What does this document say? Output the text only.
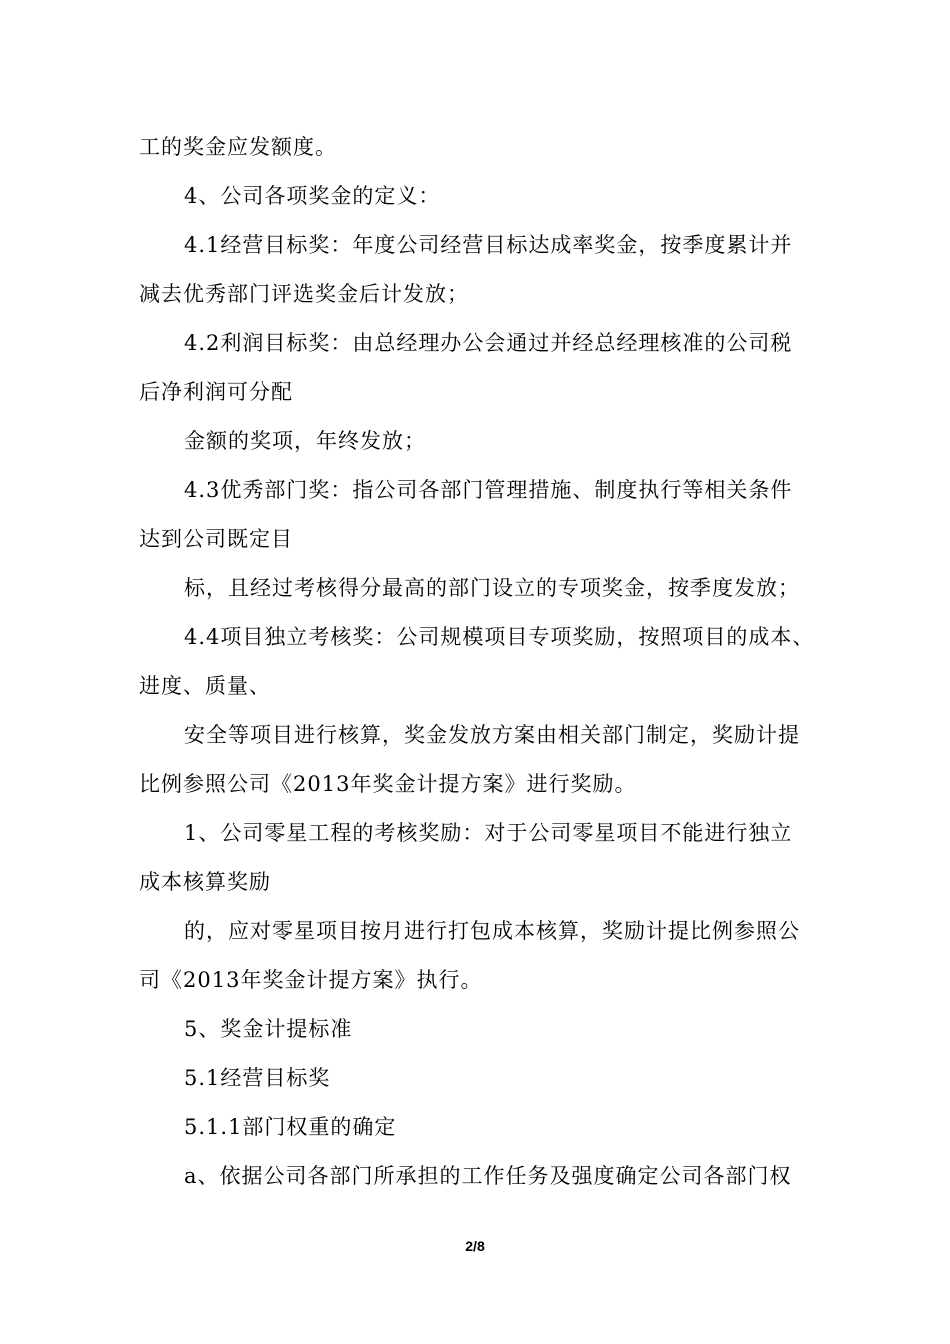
工的奖金应发额度。
4、公司各项奖金的定义：
4.1经营目标奖：年度公司经营目标达成率奖金，按季度累计并
减去优秀部门评选奖金后计发放；
4.2利润目标奖：由总经理办公会通过并经总经理核准的公司税
后净利润可分配
金额的奖项，年终发放；
4.3优秀部门奖：指公司各部门管理措施、制度执行等相关条件
达到公司既定目
标，且经过考核得分最高的部门设立的专项奖金，按季度发放；
4.4项目独立考核奖：公司规模项目专项奖励，按照项目的成本、
进度、质量、
安全等项目进行核算，奖金发放方案由相关部门制定，奖励计提
比例参照公司《2013年奖金计提方案》进行奖励。
1、公司零星工程的考核奖励：对于公司零星项目不能进行独立
成本核算奖励
的，应对零星项目按月进行打包成本核算，奖励计提比例参照公
司《2013年奖金计提方案》执行。
5、奖金计提标准
5.1经营目标奖
5.1.1部门权重的确定
a、依据公司各部门所承担的工作任务及强度确定公司各部门权
2/8
